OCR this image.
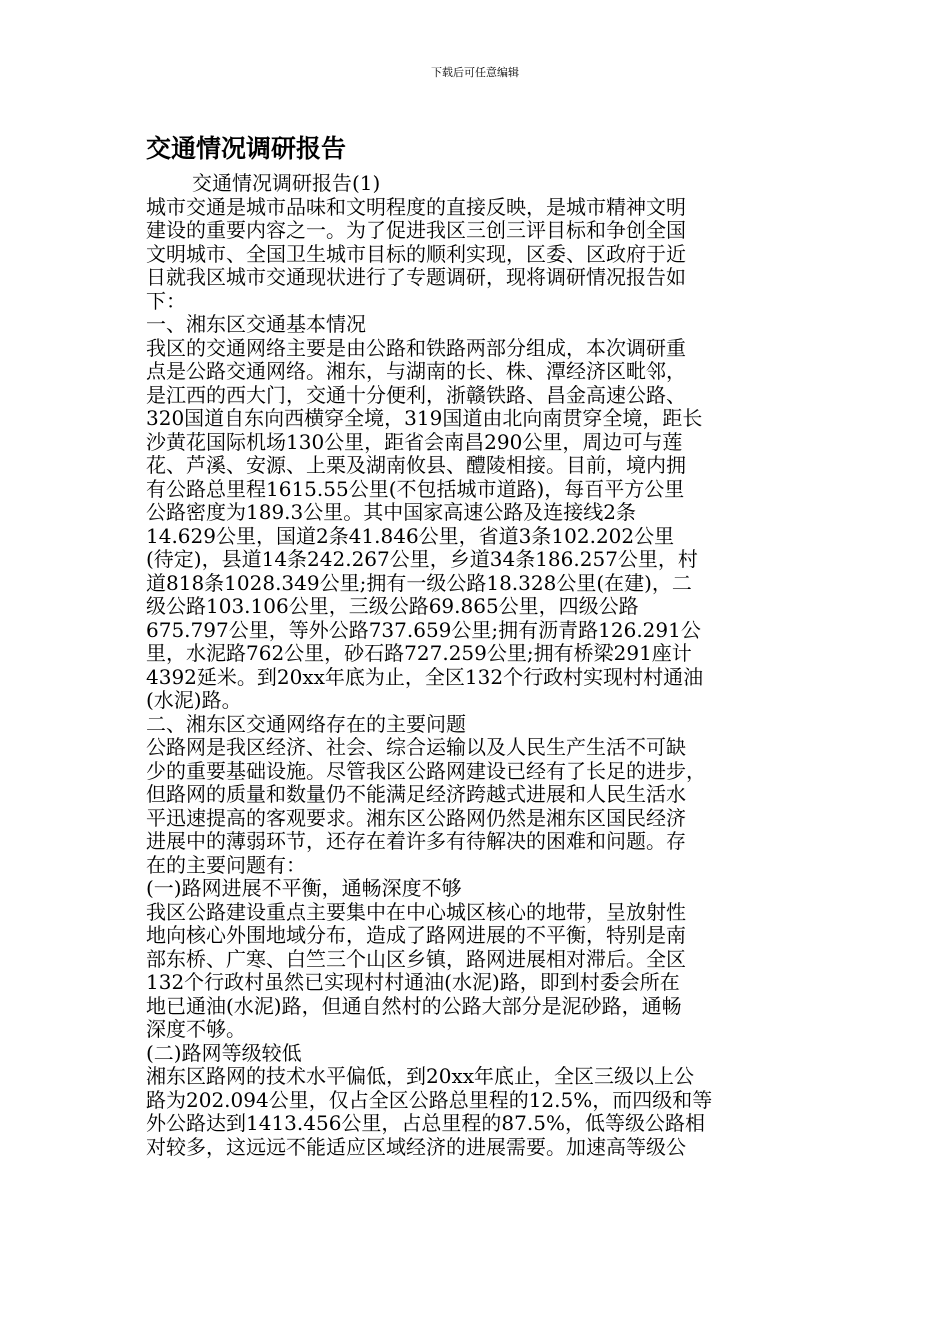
下载后可任意编辑
交通情况调研报告
交通情况调研报告(1)
城市交通是城市品味和文明程度的直接反映，是城市精神文明
建设的重要内容之一。为了促进我区三创三评目标和争创全国
文明城市、全国卫生城市目标的顺利实现，区委、区政府于近
日就我区城市交通现状进行了专题调研，现将调研情况报告如
下：
一、湘东区交通基本情况
我区的交通网络主要是由公路和铁路两部分组成，本次调研重
点是公路交通网络。湘东，与湖南的长、株、潭经济区毗邻，
是江西的西大门，交通十分便利，浙赣铁路、昌金高速公路、
320国道自东向西横穿全境，319国道由北向南贯穿全境，距长
沙黄花国际机场130公里，距省会南昌290公里，周边可与莲
花、芦溪、安源、上栗及湖南攸县、醴陵相接。目前，境内拥
有公路总里程1615.55公里(不包括城市道路)，每百平方公里
公路密度为189.3公里。其中国家高速公路及连接线2条
14.629公里，国道2条41.846公里，省道3条102.202公里
(待定)，县道14条242.267公里，乡道34条186.257公里，村
道818条1028.349公里;拥有一级公路18.328公里(在建)，二
级公路103.106公里，三级公路69.865公里，四级公路
675.797公里，等外公路737.659公里;拥有沥青路126.291公
里，水泥路762公里，砂石路727.259公里;拥有桥梁291座计
4392延米。到20xx年底为止，全区132个行政村实现村村通油
(水泥)路。
二、湘东区交通网络存在的主要问题
公路网是我区经济、社会、综合运输以及人民生产生活不可缺
少的重要基础设施。尽管我区公路网建设已经有了长足的进步，
但路网的质量和数量仍不能满足经济跨越式进展和人民生活水
平迅速提高的客观要求。湘东区公路网仍然是湘东区国民经济
进展中的薄弱环节，还存在着许多有待解决的困难和问题。存
在的主要问题有：
(一)路网进展不平衡，通畅深度不够
我区公路建设重点主要集中在中心城区核心的地带，呈放射性
地向核心外围地域分布，造成了路网进展的不平衡，特别是南
部东桥、广寒、白竺三个山区乡镇，路网进展相对滞后。全区
132个行政村虽然已实现村村通油(水泥)路，即到村委会所在
地已通油(水泥)路，但通自然村的公路大部分是泥砂路，通畅
深度不够。
(二)路网等级较低
湘东区路网的技术水平偏低，到20xx年底止，全区三级以上公
路为202.094公里，仅占全区公路总里程的12.5%，而四级和等
外公路达到1413.456公里，占总里程的87.5%，低等级公路相
对较多，这远远不能适应区域经济的进展需要。加速高等级公
